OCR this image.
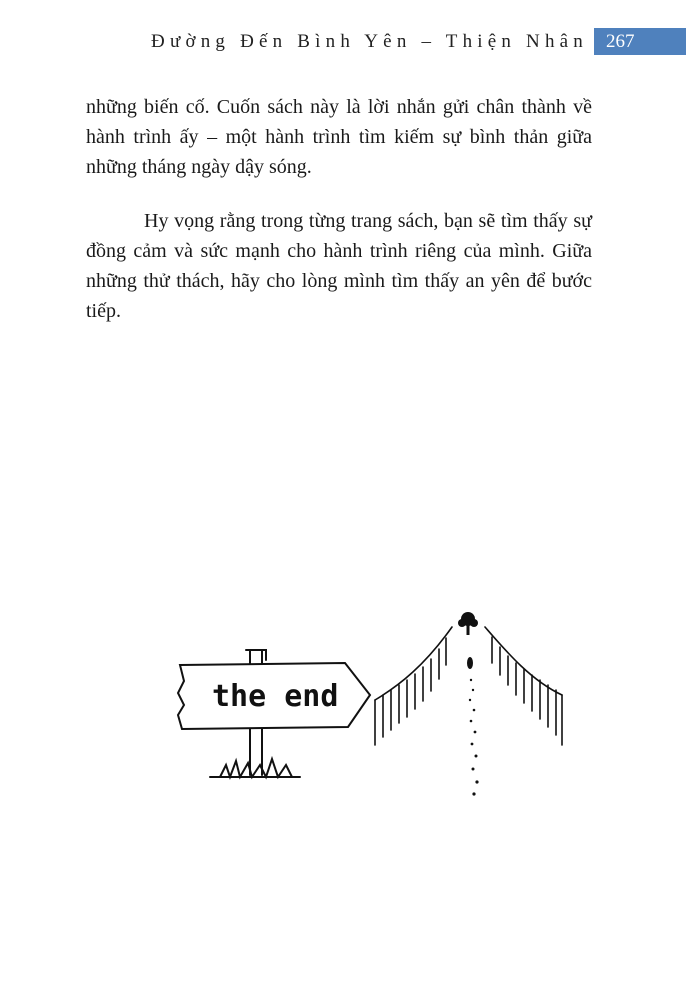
Đường Đến Bình Yên – Thiện Nhân 267

những biến cố. Cuốn sách này là lời nhắn gửi chân thành về hành trình ấy – một hành trình tìm kiếm sự bình thản giữa những tháng ngày dậy sóng.

Hy vọng rằng trong từng trang sách, bạn sẽ tìm thấy sự đồng cảm và sức mạnh cho hành trình riêng của mình. Giữa những thử thách, hãy cho lòng mình tìm thấy an yên để bước tiếp.

the end
